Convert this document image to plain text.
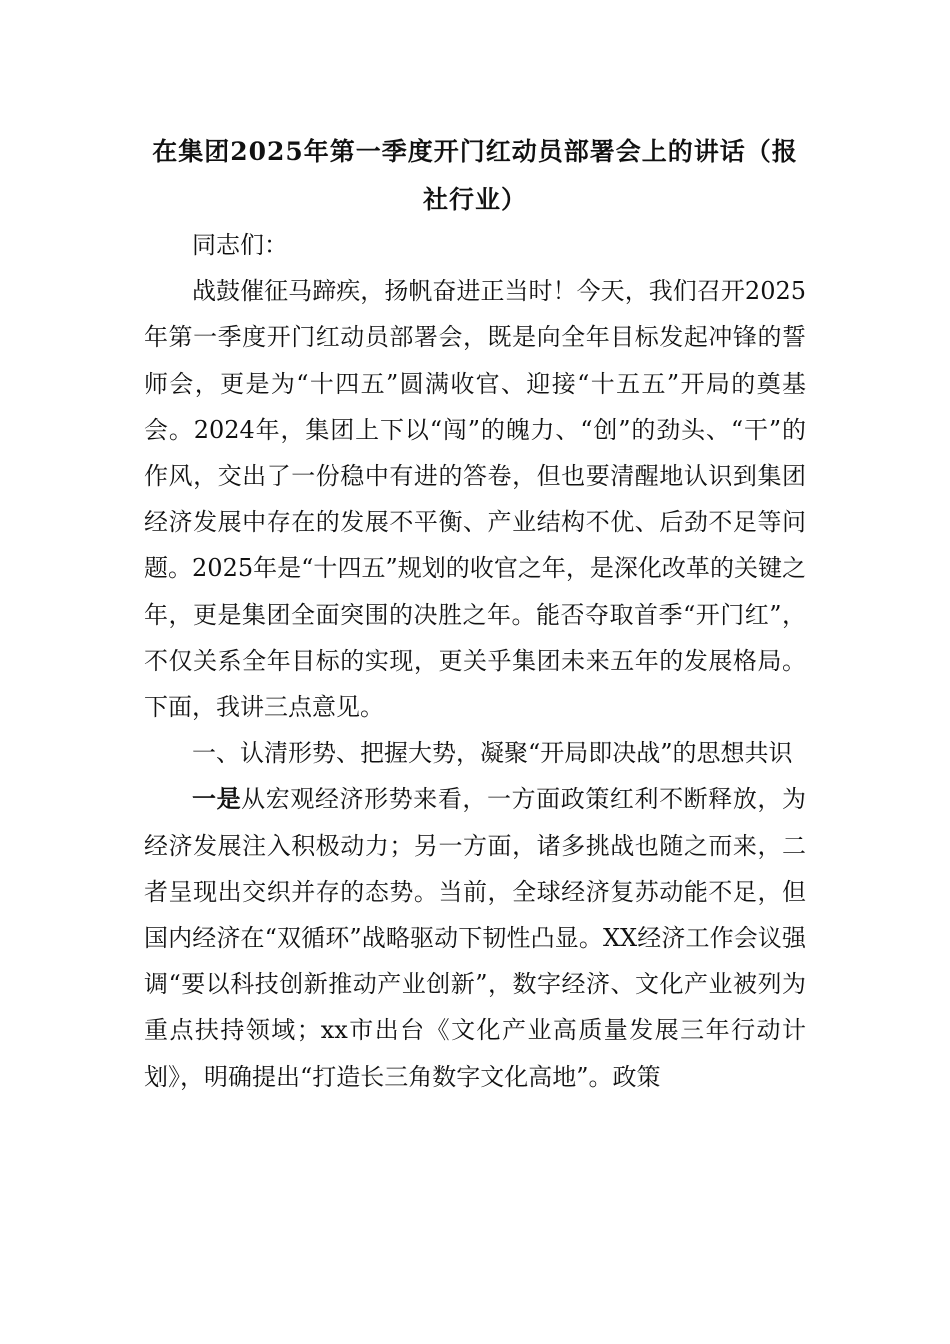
在集团2025年第一季度开门红动员部署会上的讲话（报社行业）

同志们：

战鼓催征马蹄疾，扬帆奋进正当时！今天，我们召开2025年第一季度开门红动员部署会，既是向全年目标发起冲锋的誓师会，更是为“十四五”圆满收官、迎接“十五五”开局的奠基会。2024年，集团上下以“闯”的魄力、“创”的劲头、“干”的作风，交出了一份稳中有进的答卷，但也要清醒地认识到集团经济发展中存在的发展不平衡、产业结构不优、后劲不足等问题。2025年是“十四五”规划的收官之年，是深化改革的关键之年，更是集团全面突围的决胜之年。能否夺取首季“开门红”，不仅关系全年目标的实现，更关乎集团未来五年的发展格局。下面，我讲三点意见。

一、认清形势、把握大势，凝聚“开局即决战”的思想共识

一是从宏观经济形势来看，一方面政策红利不断释放，为经济发展注入积极动力；另一方面，诸多挑战也随之而来，二者呈现出交织并存的态势。当前，全球经济复苏动能不足，但国内经济在“双循环”战略驱动下韧性凸显。XX经济工作会议强调“要以科技创新推动产业创新”，数字经济、文化产业被列为重点扶持领域；xx市出台《文化产业高质量发展三年行动计划》，明确提出“打造长三角数字文化高地”。政策
